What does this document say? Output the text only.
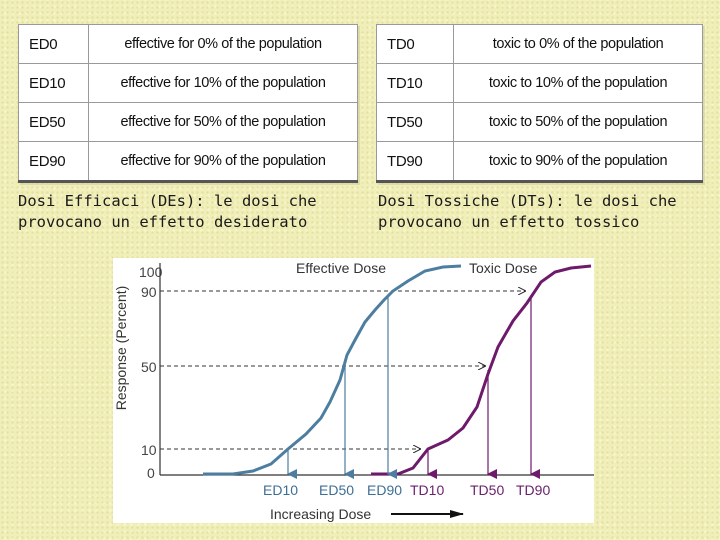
ED0	effective for 0% of the population
ED10	effective for 10% of the population
ED50	effective for 50% of the population
ED90	effective for 90% of the population
TD0	toxic to 0% of the population
TD10	toxic to 10% of the population
TD50	toxic to 50% of the population
TD90	toxic to 90% of the population
Dosi Efficaci (DEs): le dosi che
provocano un effetto desiderato
Dosi Tossiche (DTs): le dosi che
provocano un effetto tossico
Response (Percent)
100
90
50
10
0
Effective Dose	Toxic Dose
ED10 ED50 ED90 TD10 TD50 TD90
Increasing Dose
